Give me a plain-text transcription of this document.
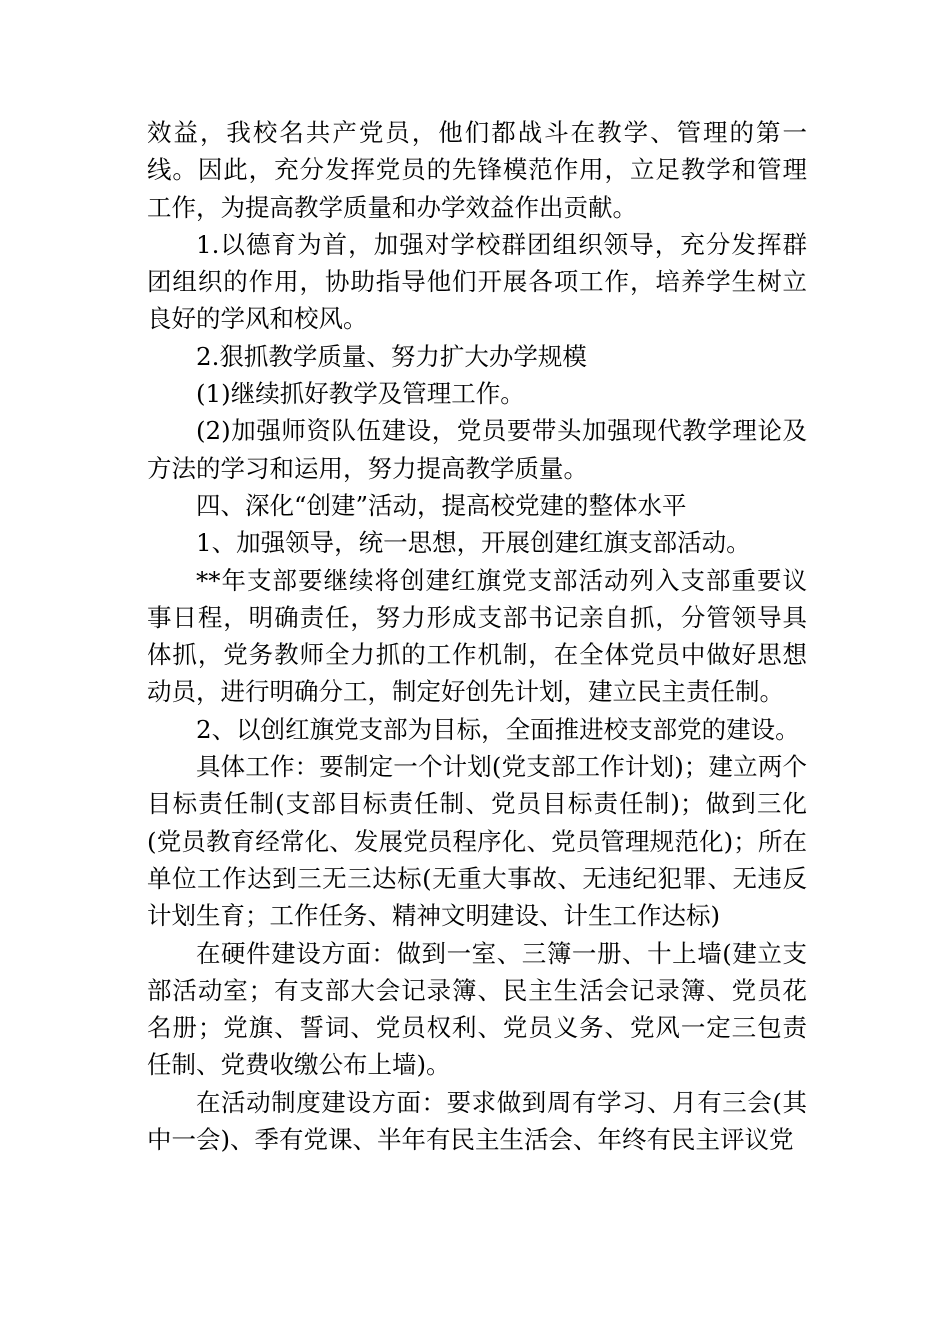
效益，我校名共产党员，他们都战斗在教学、管理的第一线。因此，充分发挥党员的先锋模范作用，立足教学和管理工作，为提高教学质量和办学效益作出贡献。

1.以德育为首，加强对学校群团组织领导，充分发挥群团组织的作用，协助指导他们开展各项工作，培养学生树立良好的学风和校风。

2.狠抓教学质量、努力扩大办学规模

(1)继续抓好教学及管理工作。

(2)加强师资队伍建设，党员要带头加强现代教学理论及方法的学习和运用，努力提高教学质量。

四、深化“创建”活动，提高校党建的整体水平

1、加强领导，统一思想，开展创建红旗支部活动。

**年支部要继续将创建红旗党支部活动列入支部重要议事日程，明确责任，努力形成支部书记亲自抓，分管领导具体抓，党务教师全力抓的工作机制，在全体党员中做好思想动员，进行明确分工，制定好创先计划，建立民主责任制。

2、以创红旗党支部为目标，全面推进校支部党的建设。

具体工作：要制定一个计划(党支部工作计划)；建立两个目标责任制(支部目标责任制、党员目标责任制)；做到三化(党员教育经常化、发展党员程序化、党员管理规范化)；所在单位工作达到三无三达标(无重大事故、无违纪犯罪、无违反计划生育；工作任务、精神文明建设、计生工作达标)

在硬件建设方面：做到一室、三簿一册、十上墙(建立支部活动室；有支部大会记录簿、民主生活会记录簿、党员花名册；党旗、誓词、党员权利、党员义务、党风一定三包责任制、党费收缴公布上墙)。

在活动制度建设方面：要求做到周有学习、月有三会(其中一会)、季有党课、半年有民主生活会、年终有民主评议党
